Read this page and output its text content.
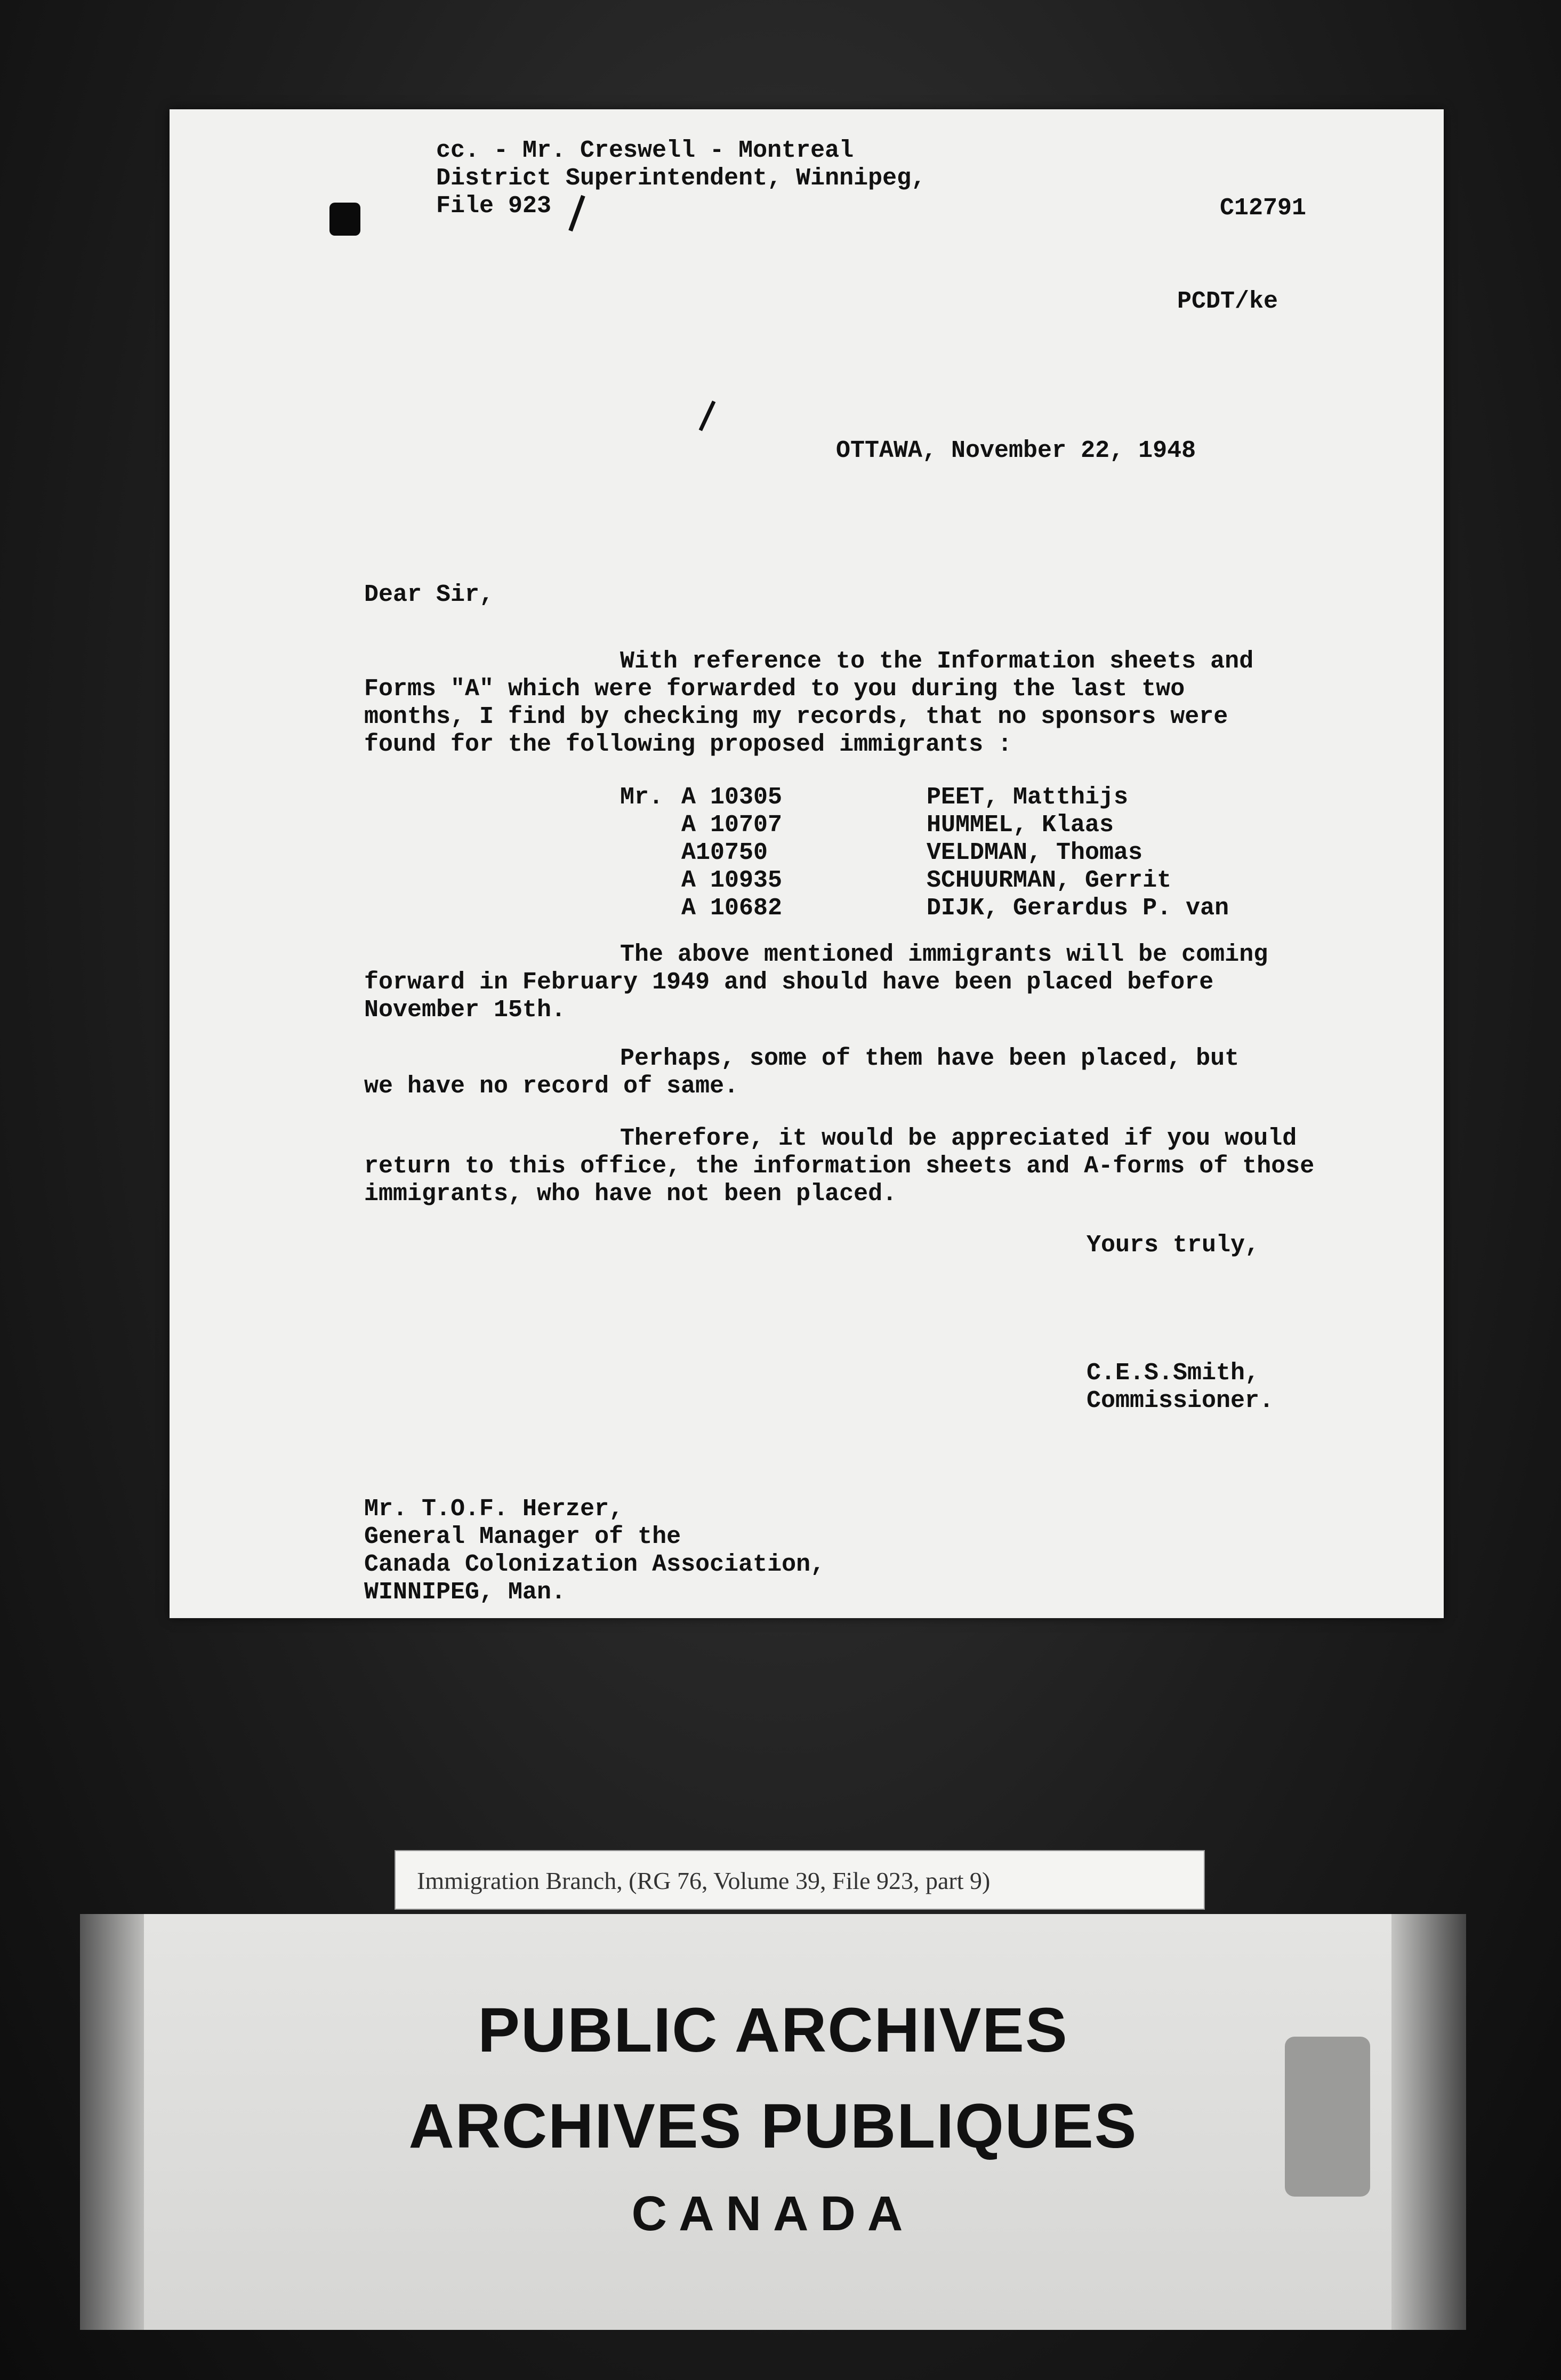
cc. - Mr. Creswell - Montreal
District Superintendent, Winnipeg,
File 923	C12791
PCDT/ke
OTTAWA, November 22, 1948
Dear Sir,
With reference to the Information sheets and
Forms "A" which were forwarded to you during the last two
months, I find by checking my records, that no sponsors were
found for the following proposed immigrants :
Mr. A 10305	PEET, Matthijs
A 10707	HUMMEL, Klaas
A10750	VELDMAN, Thomas
A 10935	SCHUURMAN, Gerrit
A 10682	DIJK, Gerardus P. van
The above mentioned immigrants will be coming
forward in February 1949 and should have been placed before
November 15th.
Perhaps, some of them have been placed, but
we have no record of same.
Therefore, it would be appreciated if you would
return to this office, the information sheets and A-forms of those
immigrants, who have not been placed.
Yours truly,
C.E.S.Smith,
Commissioner.
Mr. T.O.F. Herzer,
General Manager of the
Canada Colonization Association,
WINNIPEG, Man.
Immigration Branch, (RG 76, Volume 39, File 923, part 9)
PUBLIC ARCHIVES
ARCHIVES PUBLIQUES
CANADA
